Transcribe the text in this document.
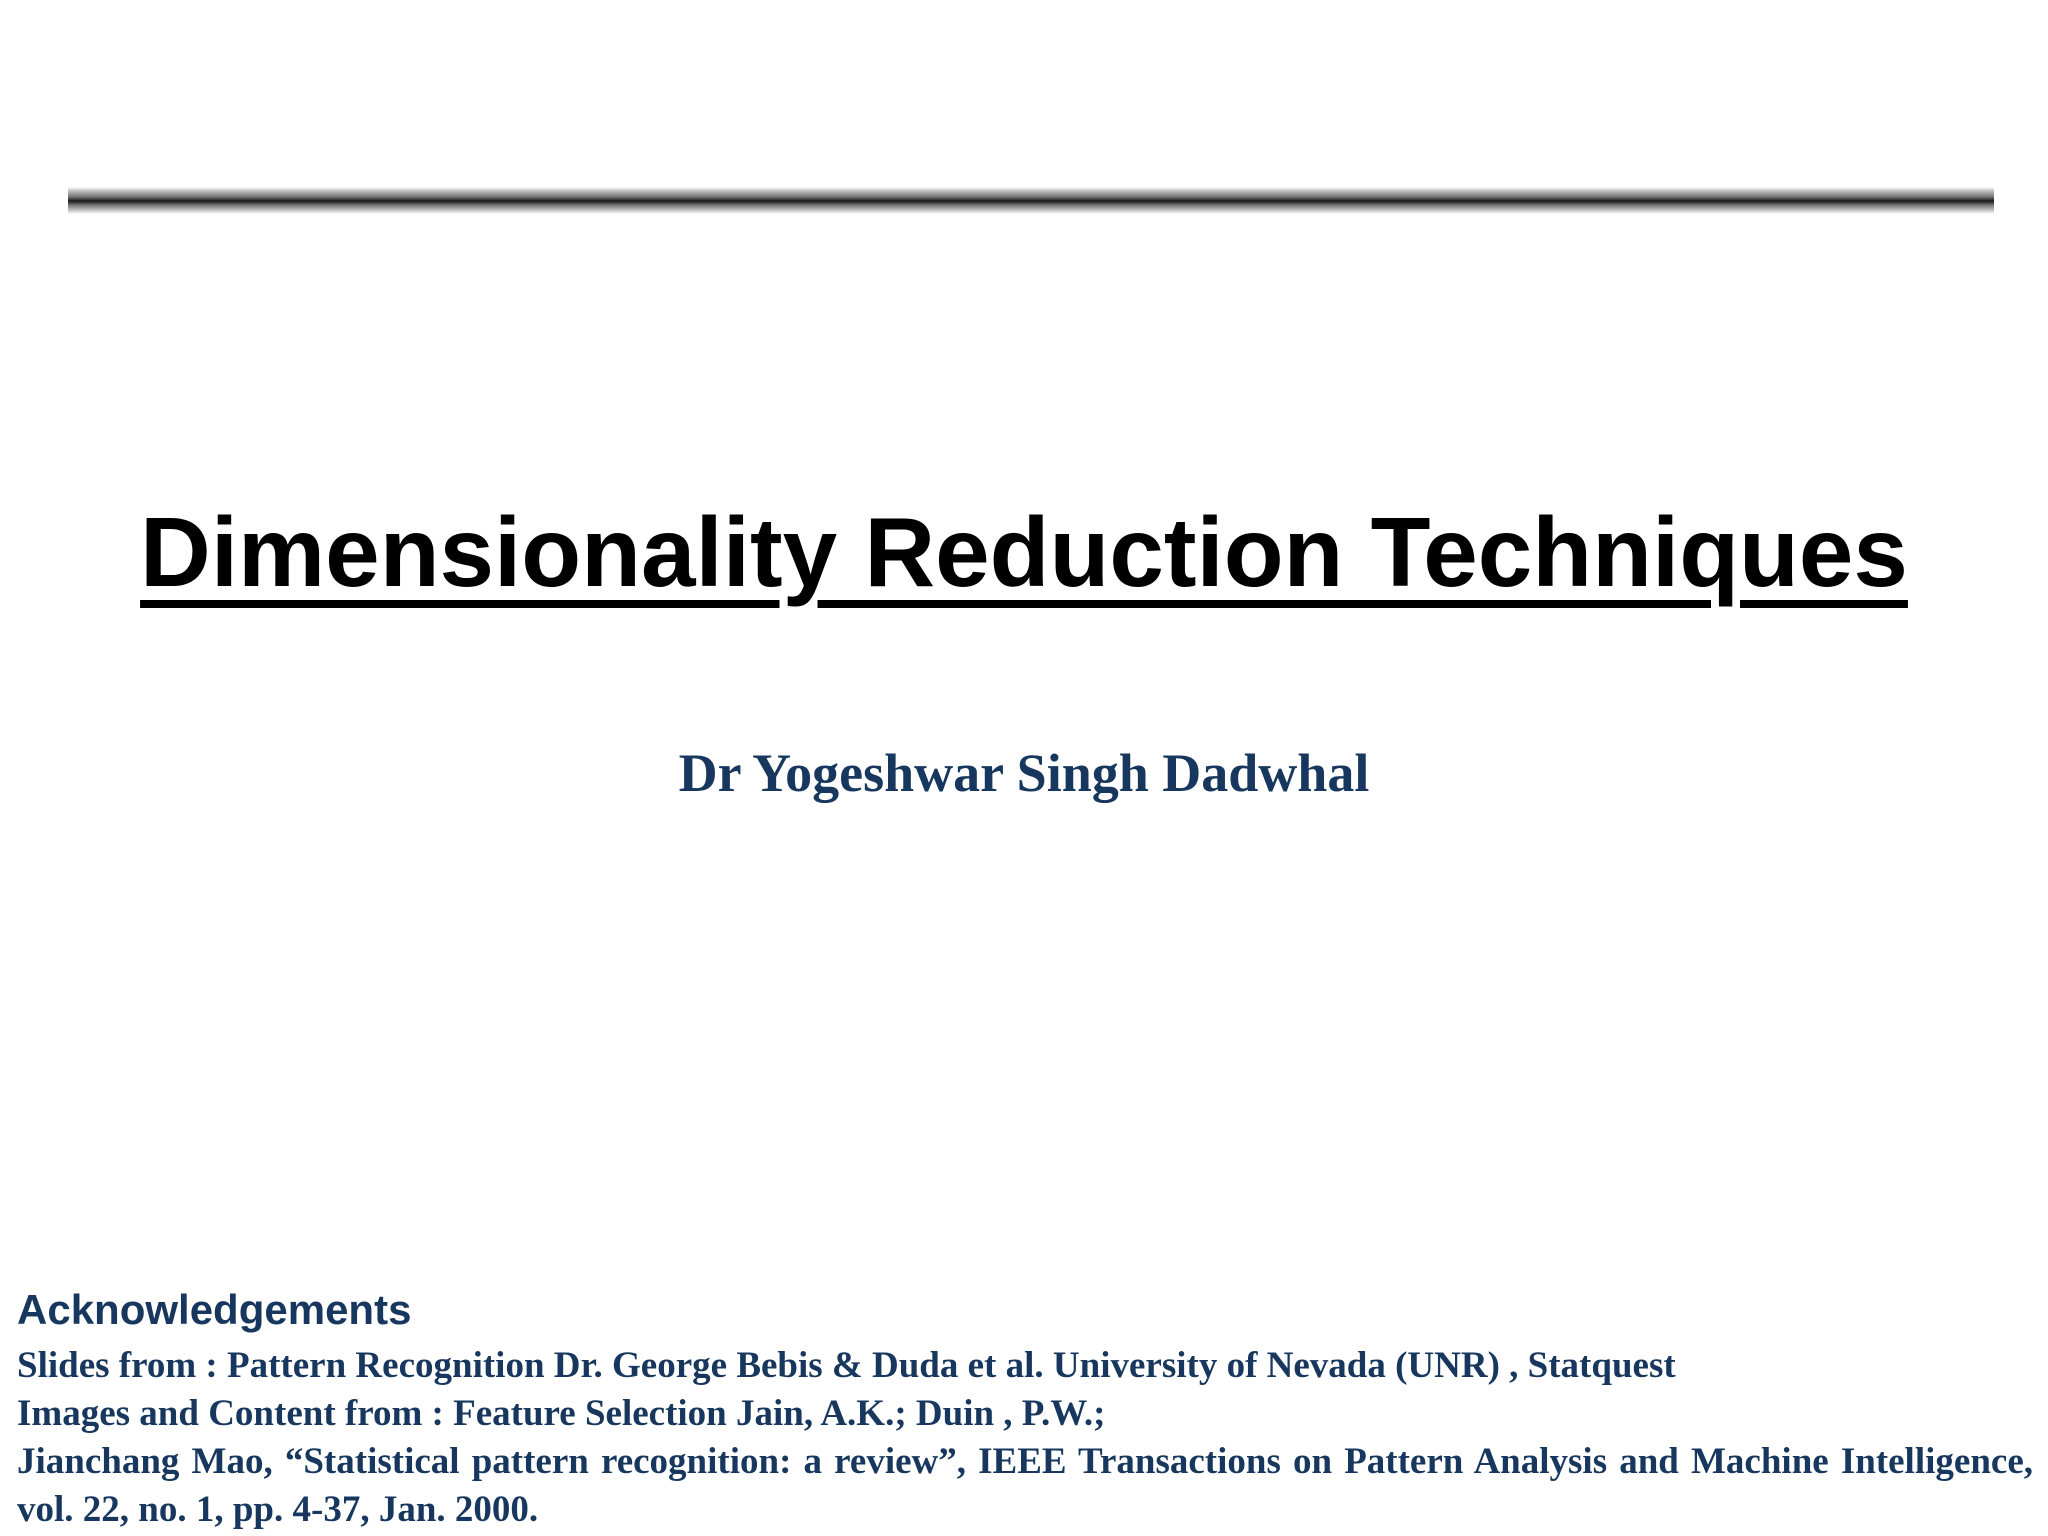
Dimensionality Reduction Techniques
Dr Yogeshwar Singh Dadwhal
Acknowledgements
Slides from : Pattern Recognition Dr. George Bebis & Duda et al. University of Nevada (UNR) , Statquest
Images and Content from : Feature Selection Jain, A.K.; Duin , P.W.;
Jianchang Mao, “Statistical pattern recognition: a review”, IEEE Transactions on Pattern Analysis and Machine Intelligence, vol. 22, no. 1, pp. 4-37, Jan. 2000.
